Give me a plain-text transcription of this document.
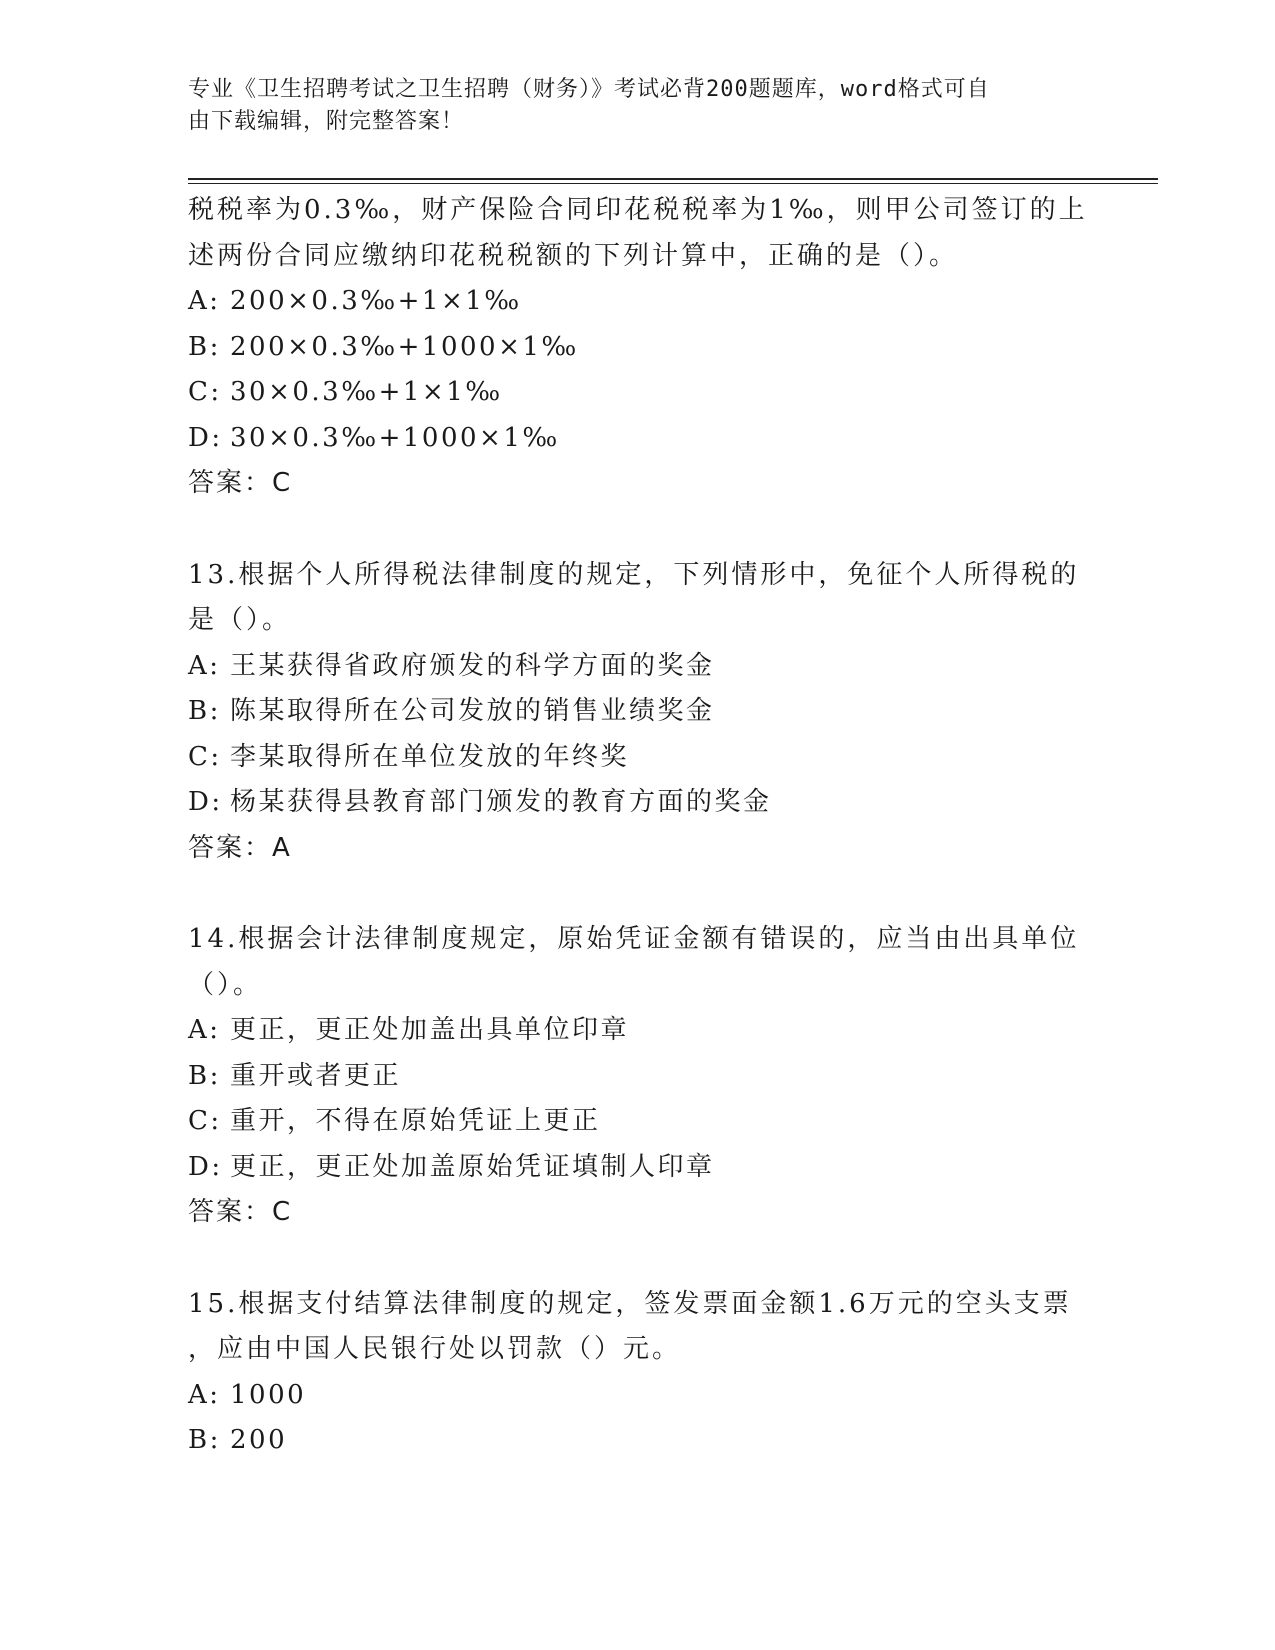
专业《卫生招聘考试之卫生招聘（财务）》考试必背200题题库，word格式可自
由下载编辑，附完整答案！
税税率为0.3‰，财产保险合同印花税税率为1‰，则甲公司签订的上
述两份合同应缴纳印花税税额的下列计算中，正确的是（）。
A: 200×0.3‰+1×1‰
B: 200×0.3‰+1000×1‰
C: 30×0.3‰+1×1‰
D: 30×0.3‰+1000×1‰
答案：C
13.根据个人所得税法律制度的规定，下列情形中，免征个人所得税的
是（）。
A: 王某获得省政府颁发的科学方面的奖金
B: 陈某取得所在公司发放的销售业绩奖金
C: 李某取得所在单位发放的年终奖
D: 杨某获得县教育部门颁发的教育方面的奖金
答案：A
14.根据会计法律制度规定，原始凭证金额有错误的，应当由出具单位
（）。
A: 更正，更正处加盖出具单位印章
B: 重开或者更正
C: 重开，不得在原始凭证上更正
D: 更正，更正处加盖原始凭证填制人印章
答案：C
15.根据支付结算法律制度的规定，签发票面金额1.6万元的空头支票
，应由中国人民银行处以罚款（）元。
A: 1000
B: 200
